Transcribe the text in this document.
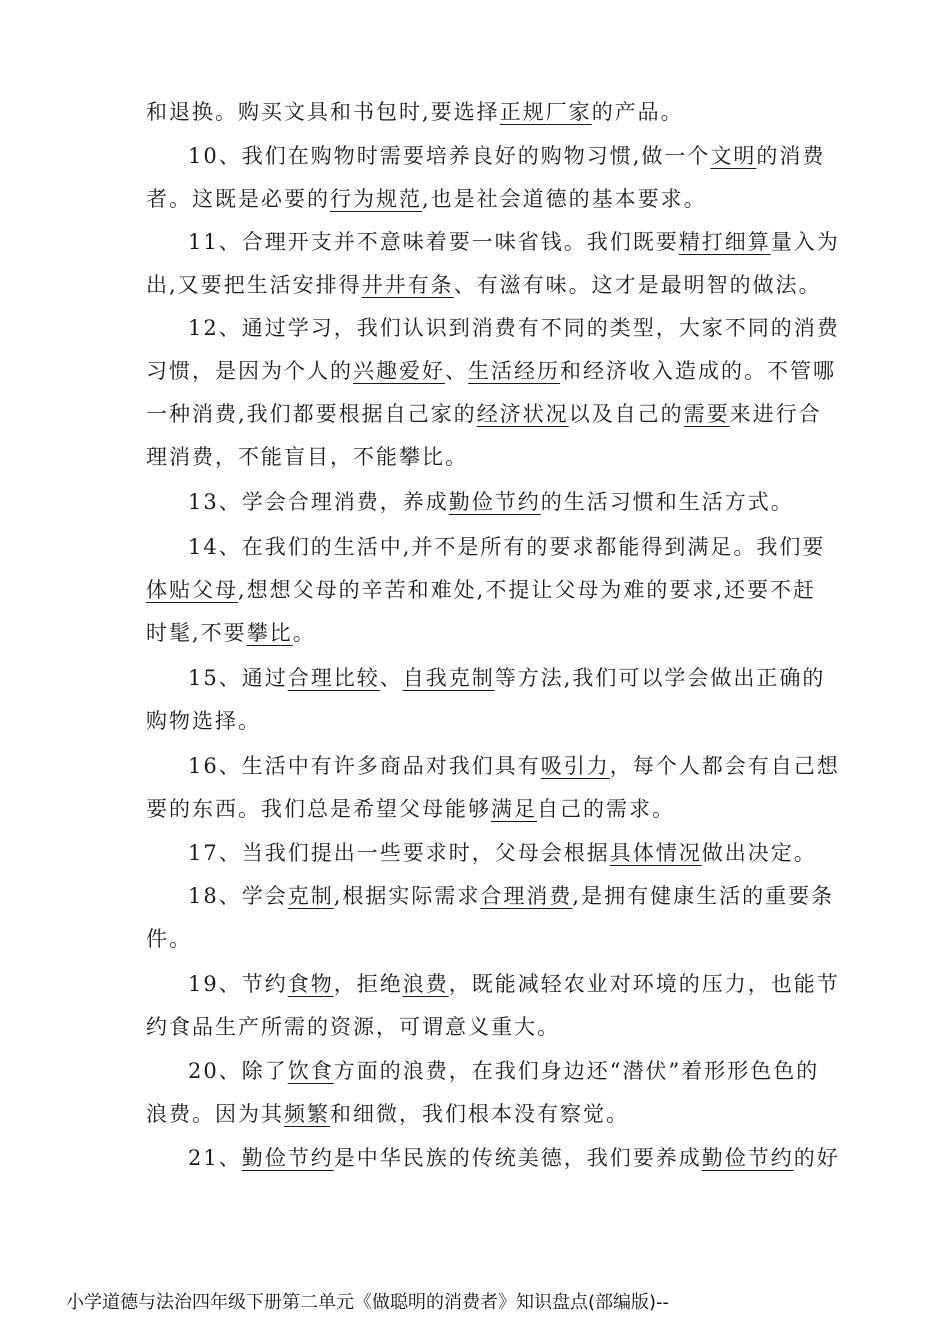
和退换。购买文具和书包时,要选择正规厂家的产品。
10、我们在购物时需要培养良好的购物习惯,做一个文明的消费
者。这既是必要的行为规范,也是社会道德的基本要求。
11、合理开支并不意味着要一味省钱。我们既要精打细算量入为
出,又要把生活安排得井井有条、有滋有味。这才是最明智的做法。
12、通过学习，我们认识到消费有不同的类型，大家不同的消费
习惯，是因为个人的兴趣爱好、生活经历和经济收入造成的。不管哪
一种消费,我们都要根据自己家的经济状况以及自己的需要来进行合
理消费，不能盲目，不能攀比。
13、学会合理消费，养成勤俭节约的生活习惯和生活方式。
14、在我们的生活中,并不是所有的要求都能得到满足。我们要
体贴父母,想想父母的辛苦和难处,不提让父母为难的要求,还要不赶
时髦,不要攀比。
15、通过合理比较、自我克制等方法,我们可以学会做出正确的
购物选择。
16、生活中有许多商品对我们具有吸引力，每个人都会有自己想
要的东西。我们总是希望父母能够满足自己的需求。
17、当我们提出一些要求时，父母会根据具体情况做出决定。
18、学会克制,根据实际需求合理消费,是拥有健康生活的重要条
件。
19、节约食物，拒绝浪费，既能减轻农业对环境的压力，也能节
约食品生产所需的资源，可谓意义重大。
20、除了饮食方面的浪费，在我们身边还“潜伏”着形形色色的
浪费。因为其频繁和细微，我们根本没有察觉。
21、勤俭节约是中华民族的传统美德，我们要养成勤俭节约的好
小学道德与法治四年级下册第二单元《做聪明的消费者》知识盘点(部编版)--
